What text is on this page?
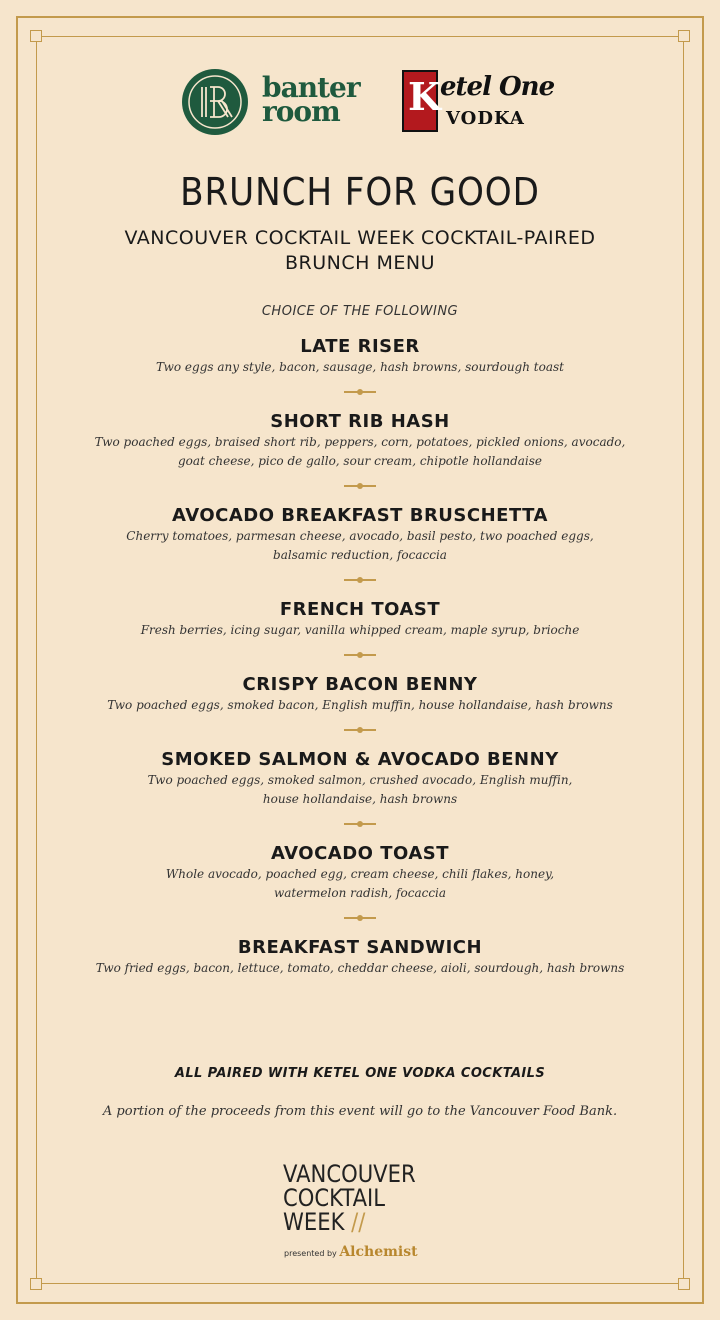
banter
room	K
etel One
VODKA
BRUNCH FOR GOOD
VANCOUVER COCKTAIL WEEK COCKTAIL-PAIRED
BRUNCH MENU
CHOICE OF THE FOLLOWING
LATE RISER
Two eggs any style, bacon, sausage, hash browns, sourdough toast
SHORT RIB HASH
Two poached eggs, braised short rib, peppers, corn, potatoes, pickled onions, avocado,
goat cheese, pico de gallo, sour cream, chipotle hollandaise
AVOCADO BREAKFAST BRUSCHETTA
Cherry tomatoes, parmesan cheese, avocado, basil pesto, two poached eggs,
balsamic reduction, focaccia
FRENCH TOAST
Fresh berries, icing sugar, vanilla whipped cream, maple syrup, brioche
CRISPY BACON BENNY
Two poached eggs, smoked bacon, English muffin, house hollandaise, hash browns
SMOKED SALMON & AVOCADO BENNY
Two poached eggs, smoked salmon, crushed avocado, English muffin,
house hollandaise, hash browns
AVOCADO TOAST
Whole avocado, poached egg, cream cheese, chili flakes, honey,
watermelon radish, focaccia
BREAKFAST SANDWICH
Two fried eggs, bacon, lettuce, tomato, cheddar cheese, aioli, sourdough, hash browns
ALL PAIRED WITH KETEL ONE VODKA COCKTAILS
A portion of the proceeds from this event will go to the Vancouver Food Bank.
VANCOUVER
COCKTAIL
WEEK //
presented by Alchemist
